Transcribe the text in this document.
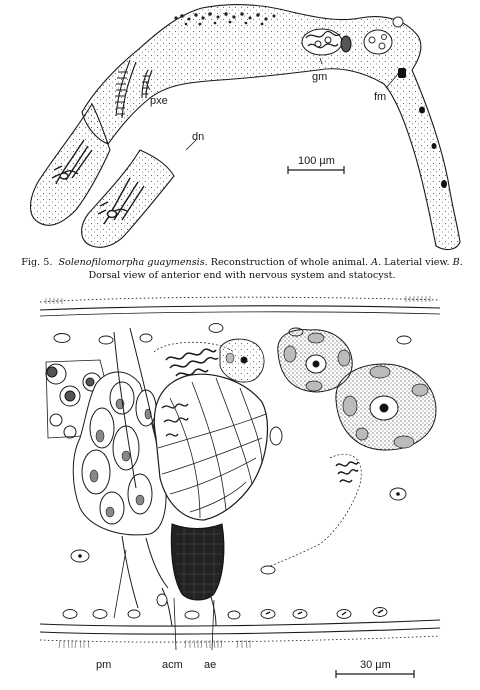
pxe
gm
fm
dn
100 µm
Fig. 5. Solenofilomorpha guaymensis. Reconstruction of whole animal. A. Laterial view. B. Dorsal view of anterior end with nervous system and statocyst.
pm	acm ae	30 µm
